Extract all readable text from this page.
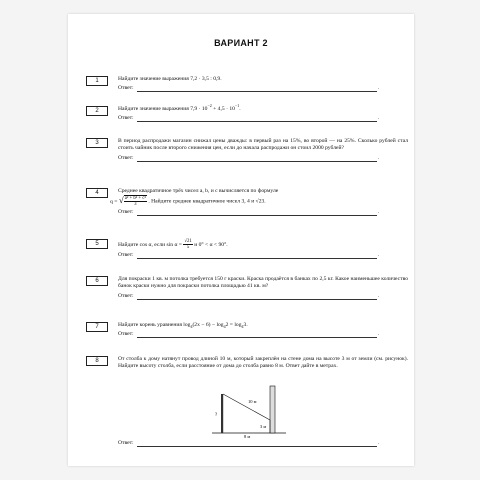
ВАРИАНТ 2
1	Найдите значение выражения 7,2 · 3,5 : 0,9.
Ответ:	.
2	Найдите значение выражения $7,9 \cdot 10^{-2} + 4,5 \cdot 10^{-1}$.
Ответ:	.
3	В период распродажи магазин снижал цены дважды: в первый раз на 15%, во второй — на 25%. Сколько рублей стал стоить чайник после второго снижения цен, если до начала распродажи он стоил 2000 рублей?
Ответ:	.
4	Среднее квадратичное трёх чисел a, b, и c вычисляется по формуле
q = √ $\frac{\text{a² + b² + c²}}{3}$ . Найдите среднее квадратичное чисел 3, 4 и √23.
Ответ:	.
5	Найдите cos α, если $\sin \alpha = \frac{√21}{5}$ и 0° < α < 90°.
Ответ:	.
6	Для покраски 1 кв. м потолка требуется 150 г краски. Краска продаётся в банках по 2,5 кг. Какое наименьшее количество банок краски нужно для покраски потолка площадью 41 кв. м?
Ответ:	.
7	Найдите корень уравнения $\log_4(2x - 6) - \log_42 = \log_43$.
Ответ:	.
8	От столба к дому натянут провод длиной 10 м, который закреплён на стене дома на высоте 3 м от земли (см. рисунок). Найдите высоту столба, если расстояние от дома до столба равно 8 м. Ответ дайте в метрах.
10 м
3 м
8 м
?
Ответ:	.
